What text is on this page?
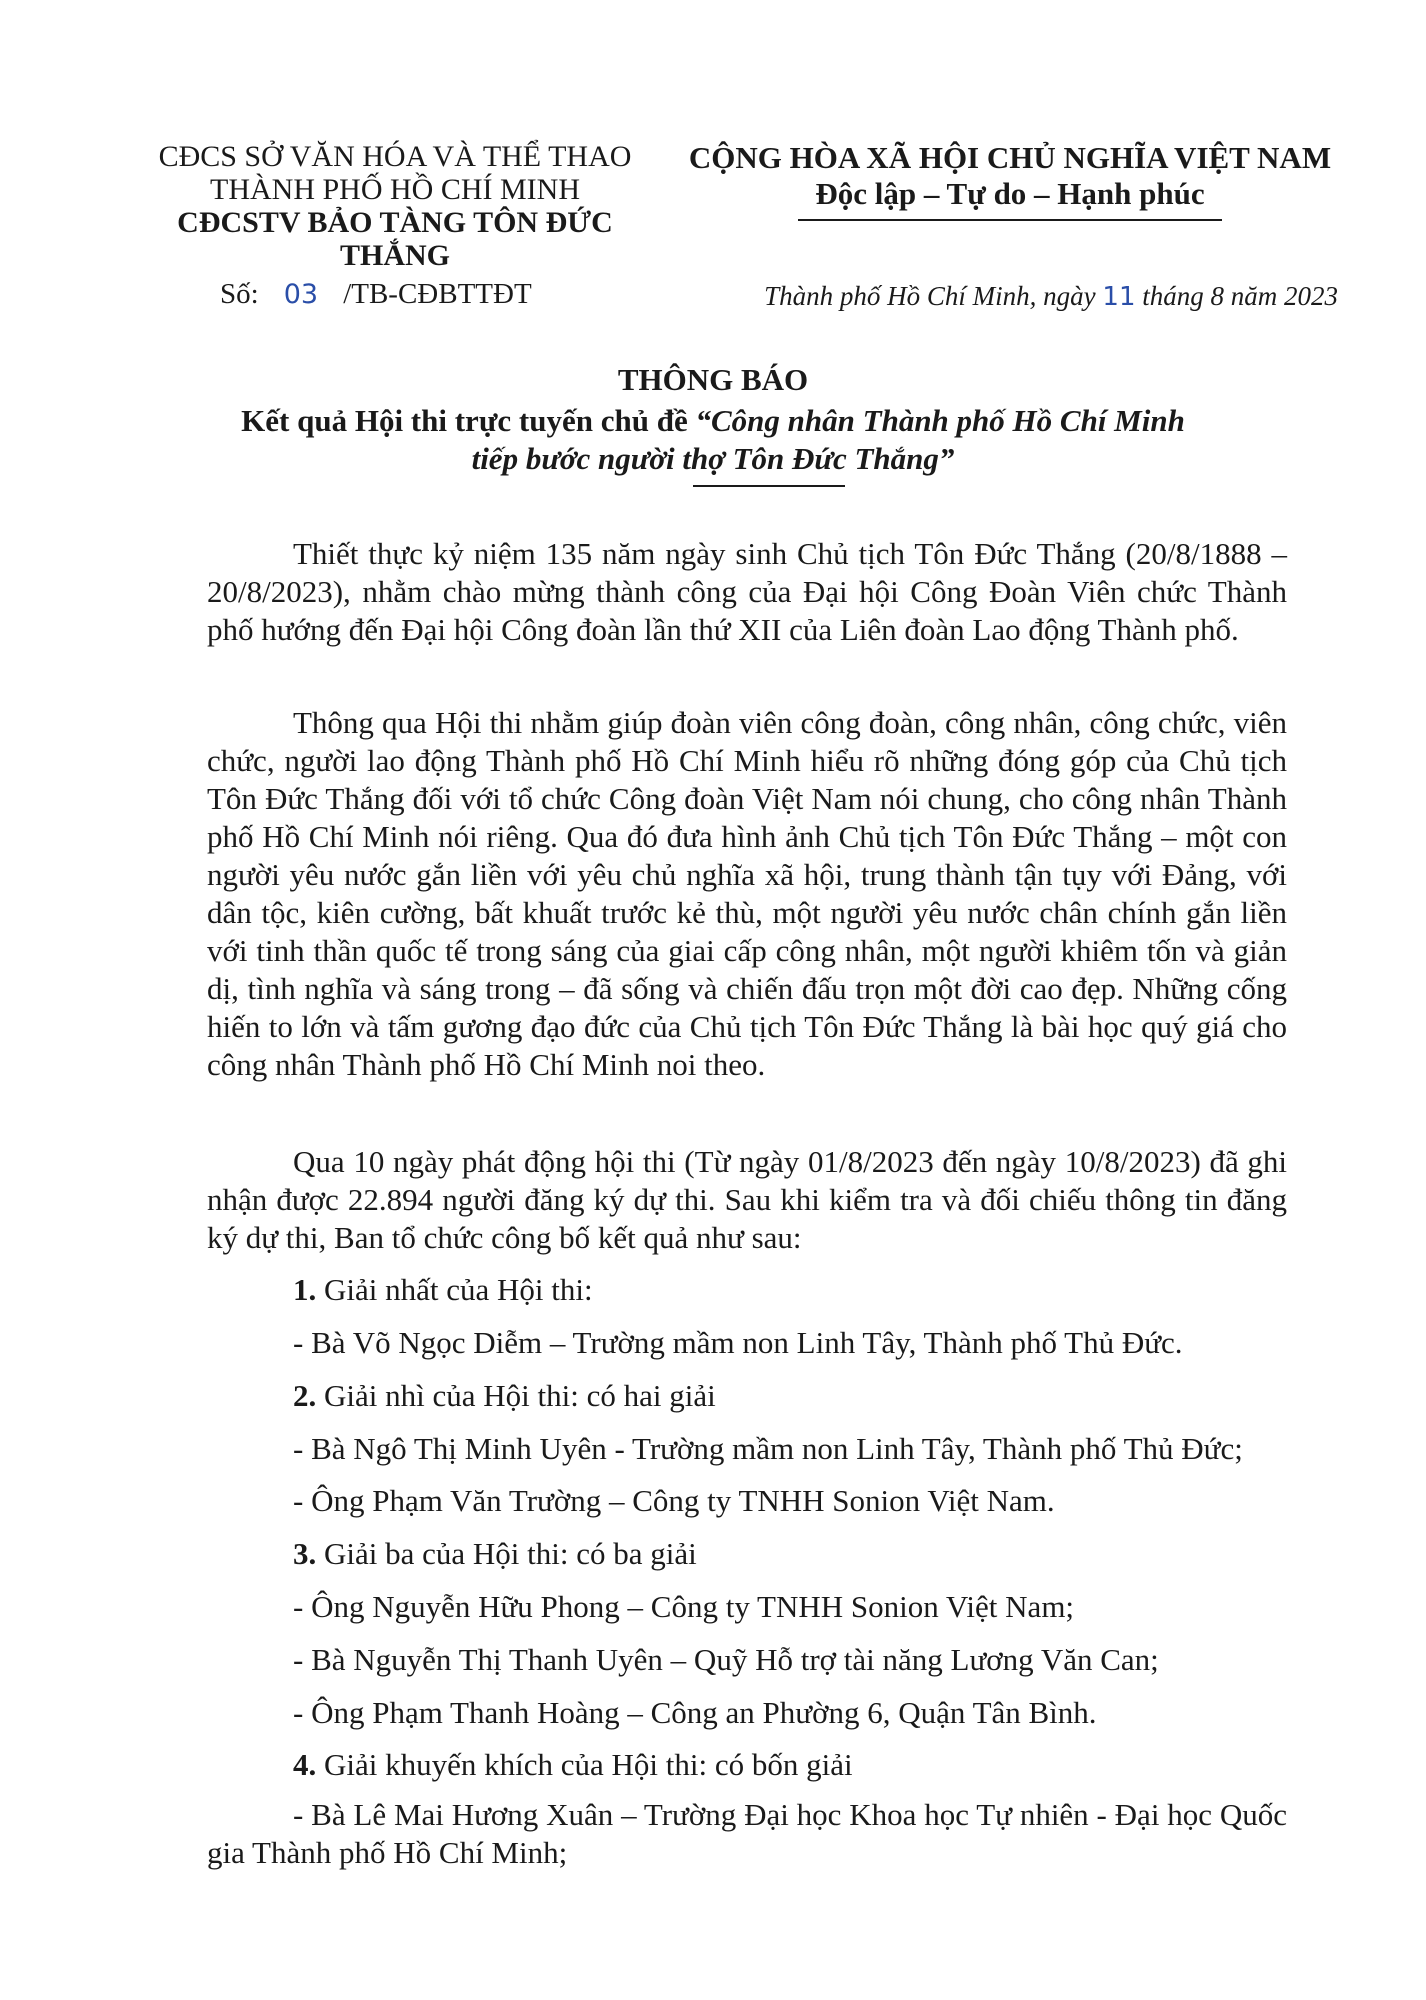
CĐCS SỞ VĂN HÓA VÀ THỂ THAO
THÀNH PHỐ HỒ CHÍ MINH
CĐCSTV BẢO TÀNG TÔN ĐỨC THẮNG
CỘNG HÒA XÃ HỘI CHỦ NGHĨA VIỆT NAM
Độc lập – Tự do – Hạnh phúc
Số: 03 /TB-CĐBTTĐT	Thành phố Hồ Chí Minh, ngày 11 tháng 8 năm 2023
THÔNG BÁO
Kết quả Hội thi trực tuyến chủ đề “Công nhân Thành phố Hồ Chí Minh
tiếp bước người thợ Tôn Đức Thắng”

Thiết thực kỷ niệm 135 năm ngày sinh Chủ tịch Tôn Đức Thắng (20/8/1888 – 20/8/2023), nhằm chào mừng thành công của Đại hội Công Đoàn Viên chức Thành phố hướng đến Đại hội Công đoàn lần thứ XII của Liên đoàn Lao động Thành phố.

Thông qua Hội thi nhằm giúp đoàn viên công đoàn, công nhân, công chức, viên chức, người lao động Thành phố Hồ Chí Minh hiểu rõ những đóng góp của Chủ tịch Tôn Đức Thắng đối với tổ chức Công đoàn Việt Nam nói chung, cho công nhân Thành phố Hồ Chí Minh nói riêng. Qua đó đưa hình ảnh Chủ tịch Tôn Đức Thắng – một con người yêu nước gắn liền với yêu chủ nghĩa xã hội, trung thành tận tụy với Đảng, với dân tộc, kiên cường, bất khuất trước kẻ thù, một người yêu nước chân chính gắn liền với tinh thần quốc tế trong sáng của giai cấp công nhân, một người khiêm tốn và giản dị, tình nghĩa và sáng trong – đã sống và chiến đấu trọn một đời cao đẹp. Những cống hiến to lớn và tấm gương đạo đức của Chủ tịch Tôn Đức Thắng là bài học quý giá cho công nhân Thành phố Hồ Chí Minh noi theo.

Qua 10 ngày phát động hội thi (Từ ngày 01/8/2023 đến ngày 10/8/2023) đã ghi nhận được 22.894 người đăng ký dự thi. Sau khi kiểm tra và đối chiếu thông tin đăng ký dự thi, Ban tổ chức công bố kết quả như sau:

1. Giải nhất của Hội thi:
- Bà Võ Ngọc Diễm – Trường mầm non Linh Tây, Thành phố Thủ Đức.
2. Giải nhì của Hội thi: có hai giải
- Bà Ngô Thị Minh Uyên - Trường mầm non Linh Tây, Thành phố Thủ Đức;
- Ông Phạm Văn Trường – Công ty TNHH Sonion Việt Nam.
3. Giải ba của Hội thi: có ba giải
- Ông Nguyễn Hữu Phong – Công ty TNHH Sonion Việt Nam;
- Bà Nguyễn Thị Thanh Uyên – Quỹ Hỗ trợ tài năng Lương Văn Can;
- Ông Phạm Thanh Hoàng – Công an Phường 6, Quận Tân Bình.
4. Giải khuyến khích của Hội thi: có bốn giải

- Bà Lê Mai Hương Xuân – Trường Đại học Khoa học Tự nhiên - Đại học Quốc gia Thành phố Hồ Chí Minh;
